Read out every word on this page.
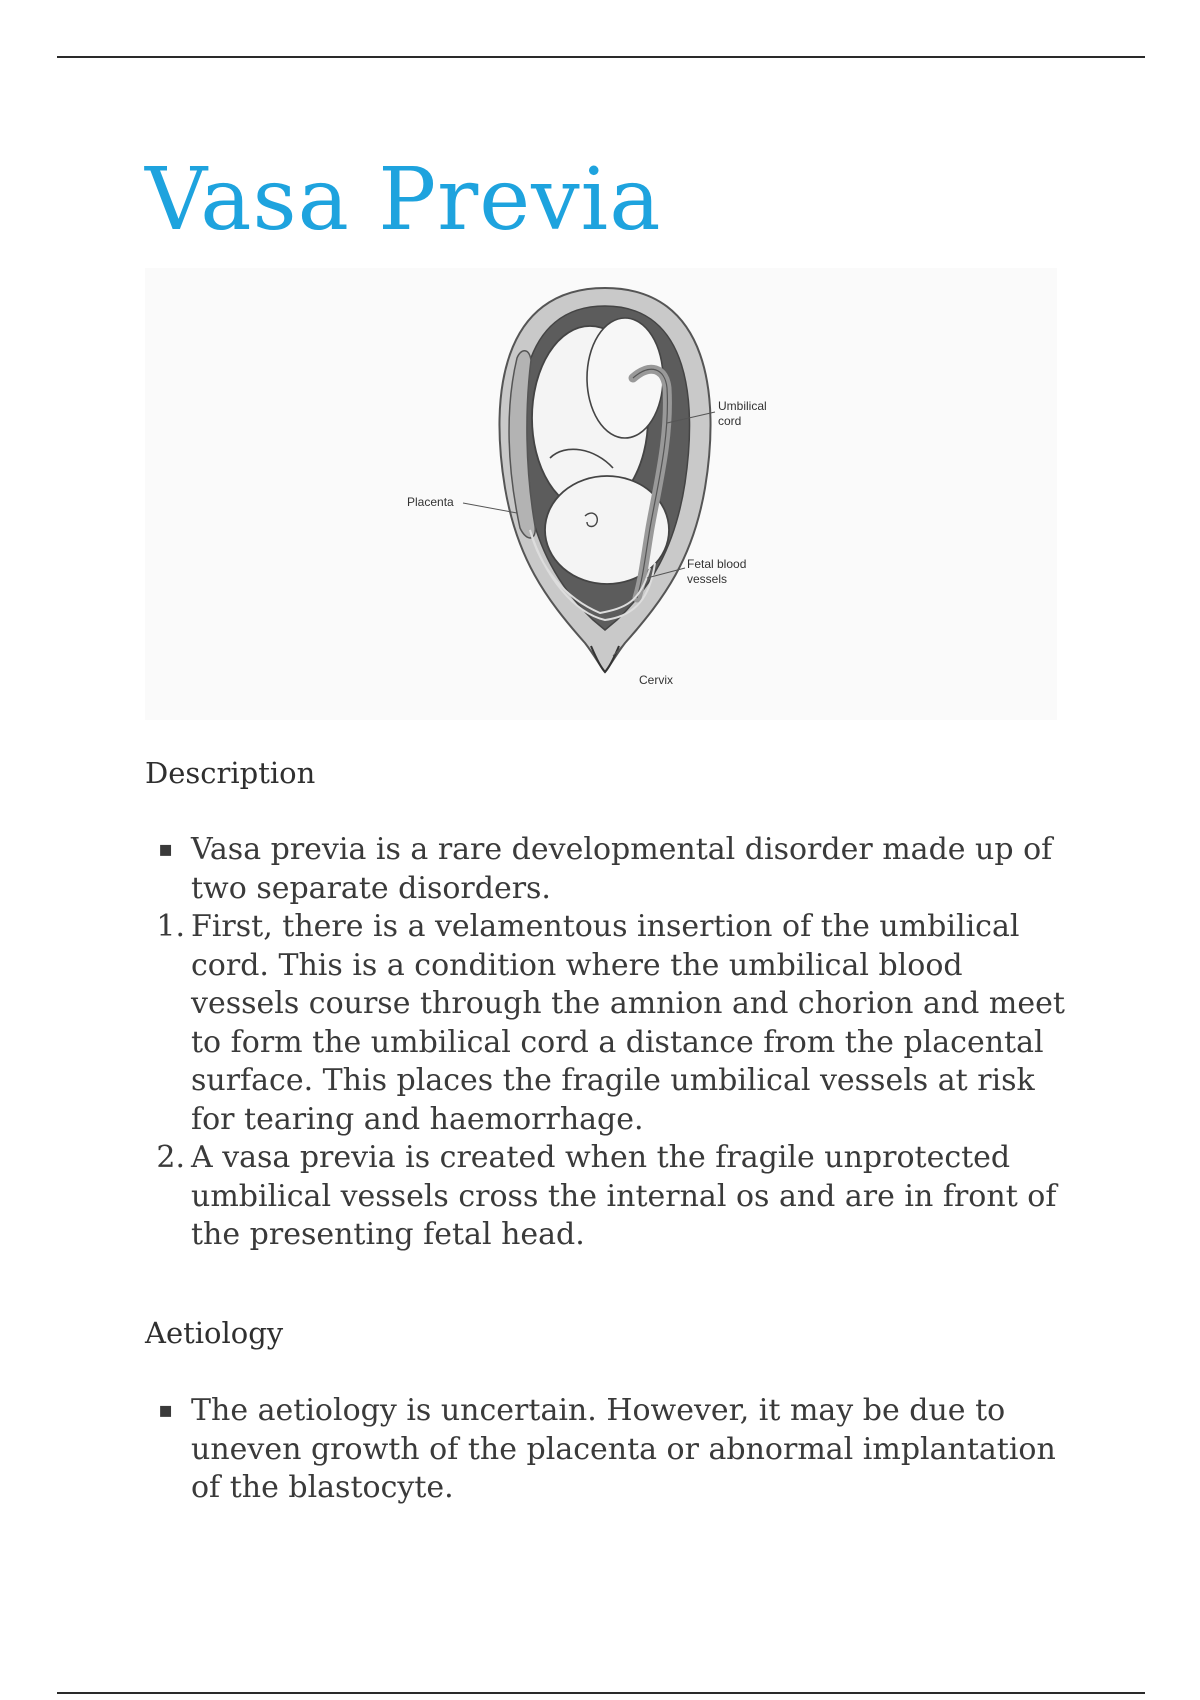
Vasa Previa
Umbilical
cord
Placenta
Fetal blood
vessels
Cervix
Description
▪ Vasa previa is a rare developmental disorder made up of two separate disorders.
1. First, there is a velamentous insertion of the umbilical cord. This is a condition where the umbilical blood vessels course through the amnion and chorion and meet to form the umbilical cord a distance from the placental surface. This places the fragile umbilical vessels at risk for tearing and haemorrhage.
2. A vasa previa is created when the fragile unprotected umbilical vessels cross the internal os and are in front of the presenting fetal head.
Aetiology
▪ The aetiology is uncertain. However, it may be due to uneven growth of the placenta or abnormal implantation of the blastocyte.
